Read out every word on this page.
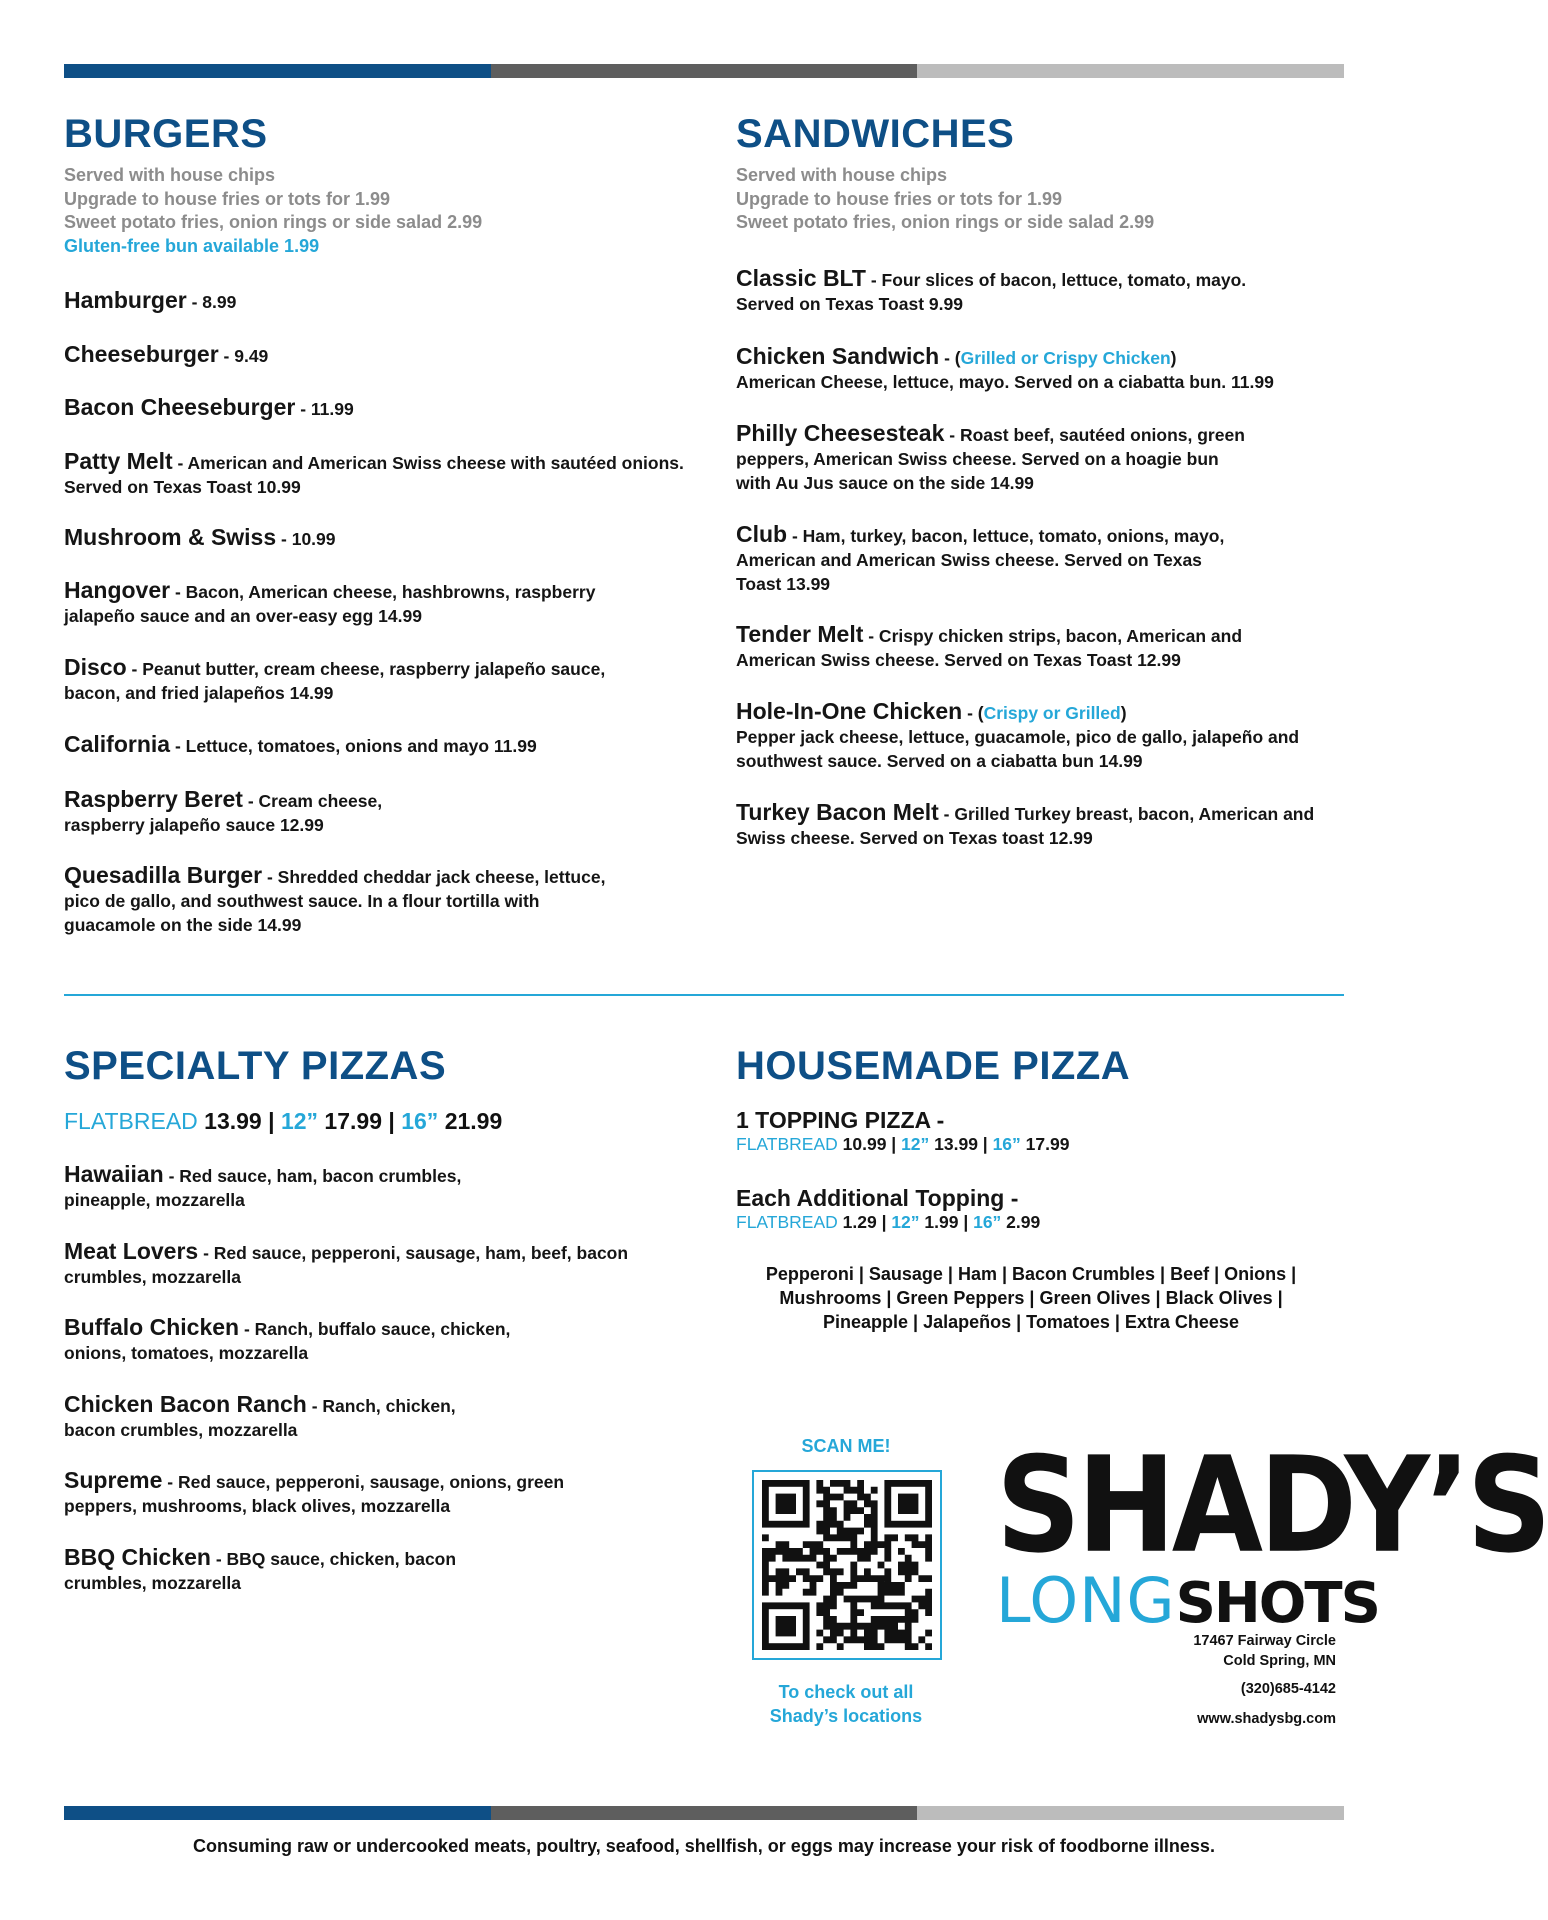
BURGERS
Served with house chips
Upgrade to house fries or tots for 1.99
Sweet potato fries, onion rings or side salad 2.99
Gluten-free bun available 1.99
Hamburger - 8.99
Cheeseburger - 9.49
Bacon Cheeseburger - 11.99
Patty Melt - American and American Swiss cheese with sautéed onions. Served on Texas Toast 10.99
Mushroom & Swiss - 10.99
Hangover - Bacon, American cheese, hashbrowns, raspberry jalapeño sauce and an over-easy egg 14.99
Disco - Peanut butter, cream cheese, raspberry jalapeño sauce, bacon, and fried jalapeños 14.99
California - Lettuce, tomatoes, onions and mayo 11.99
Raspberry Beret - Cream cheese, raspberry jalapeño sauce 12.99
Quesadilla Burger - Shredded cheddar jack cheese, lettuce, pico de gallo, and southwest sauce. In a flour tortilla with guacamole on the side 14.99
SANDWICHES
Served with house chips
Upgrade to house fries or tots for 1.99
Sweet potato fries, onion rings or side salad 2.99
Classic BLT - Four slices of bacon, lettuce, tomato, mayo. Served on Texas Toast 9.99
Chicken Sandwich - (Grilled or Crispy Chicken)
American Cheese, lettuce, mayo. Served on a ciabatta bun. 11.99
Philly Cheesesteak - Roast beef, sautéed onions, green peppers, American Swiss cheese. Served on a hoagie bun with Au Jus sauce on the side 14.99
Club - Ham, turkey, bacon, lettuce, tomato, onions, mayo, American and American Swiss cheese. Served on Texas Toast 13.99
Tender Melt - Crispy chicken strips, bacon, American and American Swiss cheese. Served on Texas Toast 12.99
Hole-In-One Chicken - (Crispy or Grilled)
Pepper jack cheese, lettuce, guacamole, pico de gallo, jalapeño and southwest sauce. Served on a ciabatta bun 14.99
Turkey Bacon Melt - Grilled Turkey breast, bacon, American and Swiss cheese. Served on Texas toast 12.99
SPECIALTY PIZZAS
FLATBREAD 13.99 | 12” 17.99 | 16” 21.99
Hawaiian - Red sauce, ham, bacon crumbles, pineapple, mozzarella
Meat Lovers - Red sauce, pepperoni, sausage, ham, beef, bacon crumbles, mozzarella
Buffalo Chicken - Ranch, buffalo sauce, chicken, onions, tomatoes, mozzarella
Chicken Bacon Ranch - Ranch, chicken, bacon crumbles, mozzarella
Supreme - Red sauce, pepperoni, sausage, onions, green peppers, mushrooms, black olives, mozzarella
BBQ Chicken - BBQ sauce, chicken, bacon crumbles, mozzarella
HOUSEMADE PIZZA
1 TOPPING PIZZA -
FLATBREAD 10.99 | 12” 13.99 | 16” 17.99
Each Additional Topping -
FLATBREAD 1.29 | 12” 1.99 | 16” 2.99
Pepperoni | Sausage | Ham | Bacon Crumbles | Beef | Onions |
Mushrooms | Green Peppers | Green Olives | Black Olives |
Pineapple | Jalapeños | Tomatoes | Extra Cheese
SCAN ME!
To check out all
Shady’s locations
SHADY’S
LONGSHOTS
17467 Fairway Circle
Cold Spring, MN
(320)685-4142
www.shadysbg.com
Consuming raw or undercooked meats, poultry, seafood, shellfish, or eggs may increase your risk of foodborne illness.
